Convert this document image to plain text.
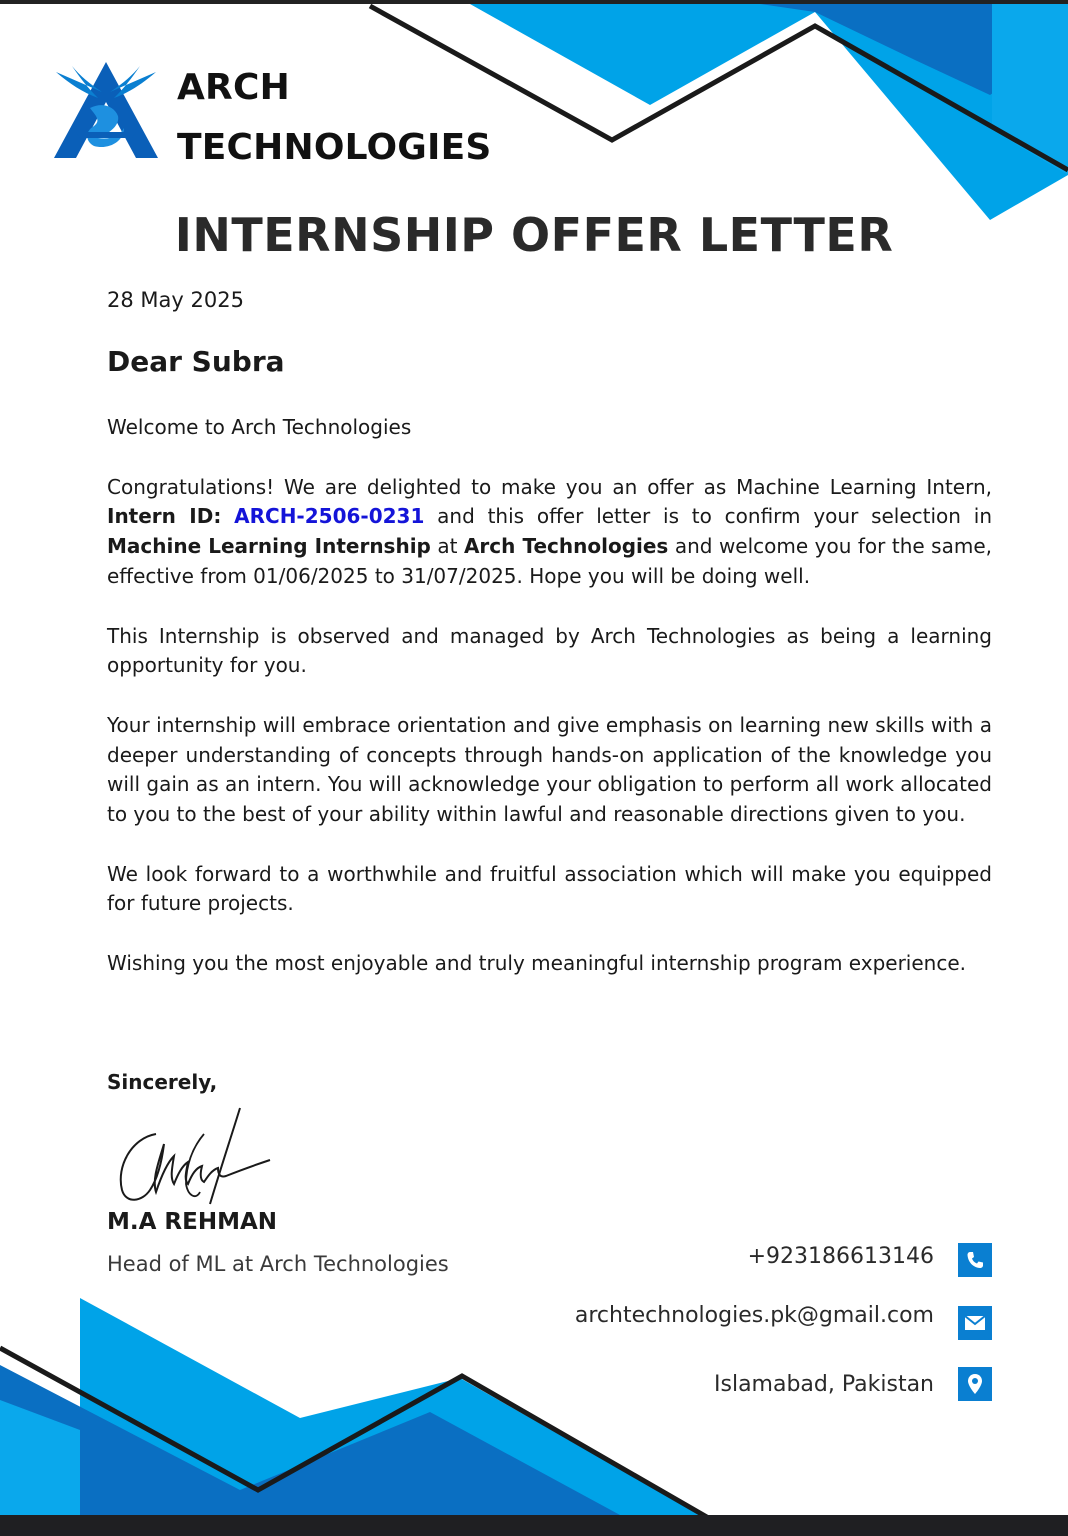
ARCH
TECHNOLOGIES
INTERNSHIP OFFER LETTER
28 May 2025
Dear Subra

Welcome to Arch Technologies

Congratulations! We are delighted to make you an offer as Machine Learning Intern, Intern ID: ARCH-2506-0231 and this offer letter is to confirm your selection in Machine Learning Internship at Arch Technologies and welcome you for the same, effective from 01/06/2025 to 31/07/2025. Hope you will be doing well.

This Internship is observed and managed by Arch Technologies as being a learning opportunity for you.

Your internship will embrace orientation and give emphasis on learning new skills with a deeper understanding of concepts through hands-on application of the knowledge you will gain as an intern. You will acknowledge your obligation to perform all work allocated to you to the best of your ability within lawful and reasonable directions given to you.

We look forward to a worthwhile and fruitful association which will make you equipped for future projects.

Wishing you the most enjoyable and truly meaningful internship program experience.

Sincerely,
M.A REHMAN
Head of ML at Arch Technologies	+923186613146
archtechnologies.pk@gmail.com
Islamabad, Pakistan
